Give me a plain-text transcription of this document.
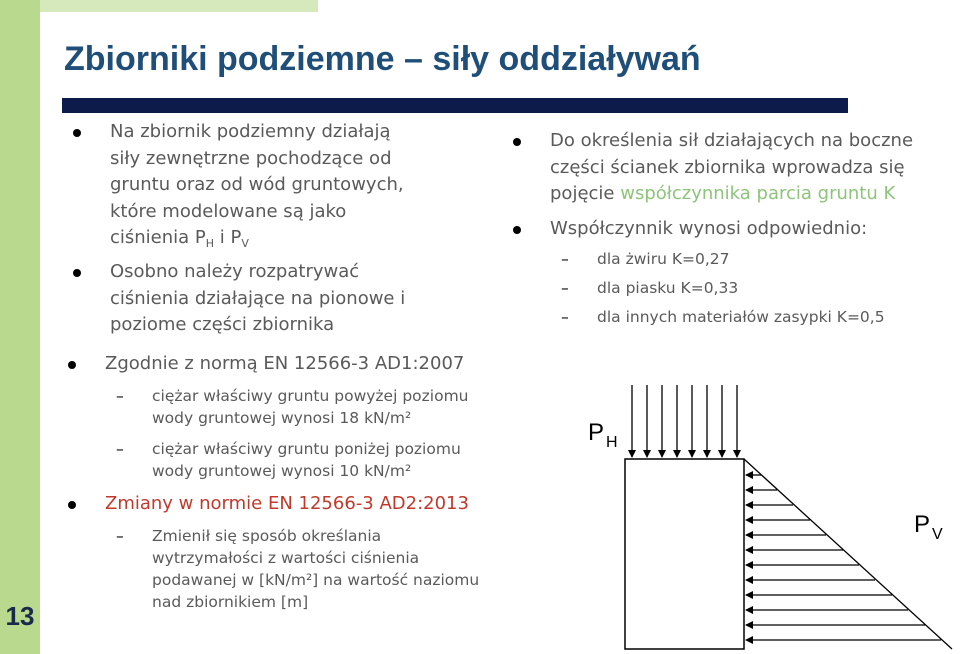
13
Zbiorniki podziemne – siły oddziaływań
Na zbiornik podziemny działają
siły zewnętrzne pochodzące od
gruntu oraz od wód gruntowych,
które modelowane są jako
ciśnienia $P_H$ i $P_V$
Osobno należy rozpatrywać
ciśnienia działające na pionowe i
poziome części zbiornika
Zgodnie z normą EN 12566-3 AD1:2007
– ciężar właściwy gruntu powyżej poziomu
wody gruntowej wynosi 18 kN/m²
– ciężar właściwy gruntu poniżej poziomu
wody gruntowej wynosi 10 kN/m²
Zmiany w normie EN 12566-3 AD2:2013
– Zmienił się sposób określania
wytrzymałości z wartości ciśnienia
podawanej w [kN/m²] na wartość naziomu
nad zbiornikiem [m]
Do określenia sił działających na boczne
części ścianek zbiornika wprowadza się
pojęcie współczynnika parcia gruntu K
Współczynnik wynosi odpowiednio:
– dla żwiru K=0,27
– dla piasku K=0,33
– dla innych materiałów zasypki K=0,5
P $_H$
P $_V$
